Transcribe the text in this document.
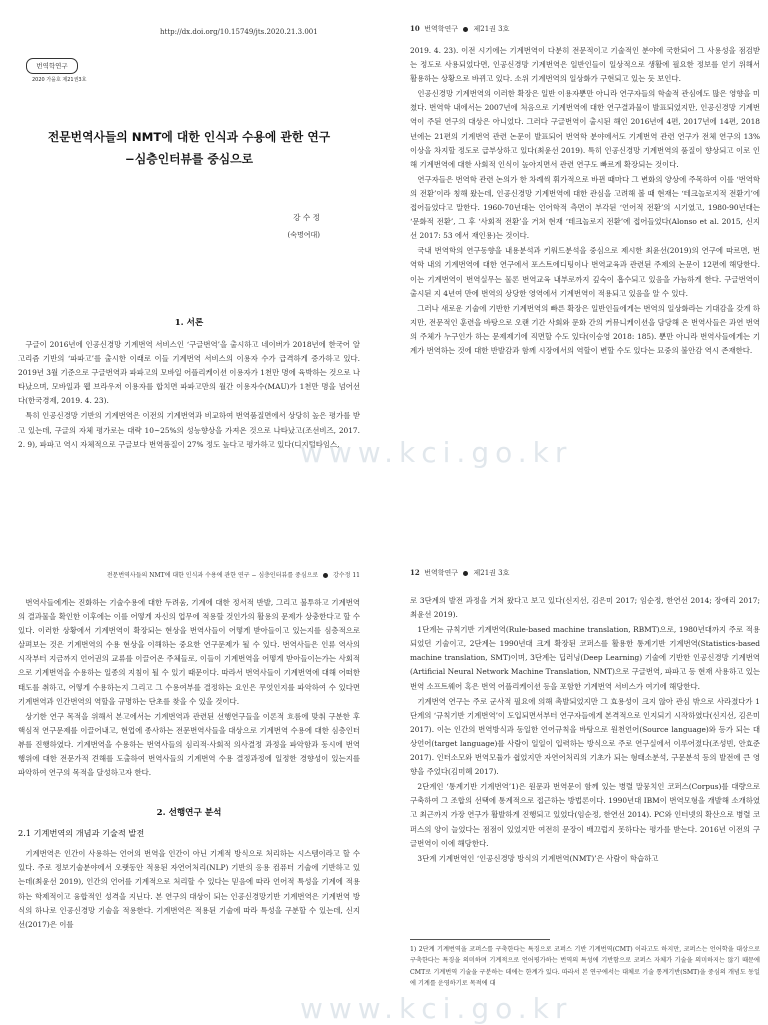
http://dx.doi.org/10.15749/jts.2020.21.3.001
번역학연구
2020 가을호 제21권3호
전문번역사들의 NMT에 대한 인식과 수용에 관한 연구
−심층인터뷰를 중심으로
강 수 정
(숙명여대)
1. 서론

구글이 2016년에 인공신경망 기계번역 서비스인 ‘구글번역’을 출시하고 네이버가 2018년에 한국어 알고리즘 기반의 ‘파파고’를 출시한 이래로 이들 기계번역 서비스의 이용자 수가 급격하게 증가하고 있다. 2019년 3월 기준으로 구글번역과 파파고의 모바일 어플리케이션 이용자가 1천만 명에 육박하는 것으로 나타났으며, 모바일과 웹 브라우저 이용자를 합치면 파파고만의 월간 이용자수(MAU)가 1천만 명을 넘어선다(한국경제, 2019. 4. 23).

특히 인공신경망 기반의 기계번역은 이전의 기계번역과 비교하여 번역품질면에서 상당히 높은 평가를 받고 있는데, 구글의 자체 평가로는 대략 10~25%의 성능향상을 가져온 것으로 나타났고(조선비즈, 2017. 2. 9), 파파고 역시 자체적으로 구글보다 번역품질이 27% 정도 높다고 평가하고 있다(디지털타임스,

10 번역학연구 제21권 3호

2019. 4. 23). 이전 시기에는 기계번역이 다분히 전문적이고 기술적인 분야에 국한되어 그 사용성을 점검받는 정도로 사용되었다면, 인공신경망 기계번역은 일반인들이 일상적으로 생활에 필요한 정보를 얻기 위해서 활용하는 상황으로 바뀌고 있다. 소위 기계번역의 일상화가 구현되고 있는 듯 보인다.

인공신경망 기계번역의 이러한 확장은 일반 이용자뿐만 아니라 연구자들의 학술적 관심에도 많은 영향을 미쳤다. 번역학 내에서는 2007년에 처음으로 기계번역에 대한 연구결과물이 발표되었지만, 인공신경망 기계번역이 주된 연구의 대상은 아니었다. 그러다 구글번역이 출시된 해인 2016년에 4편, 2017년에 14편, 2018년에는 21편의 기계번역 관련 논문이 발표되어 번역학 분야에서도 기계번역 관련 연구가 전체 연구의 13% 이상을 차지할 정도로 급부상하고 있다(최윤선 2019). 특히 인공신경망 기계번역의 품질이 향상되고 이로 인해 기계번역에 대한 사회적 인식이 높아지면서 관련 연구도 빠르게 확장되는 것이다.

연구자들은 번역학 관련 논의가 한 차례씩 휘가적으로 바뀐 때마다 그 변화의 양상에 주목하여 이를 ‘번역학의 전환’이라 칭해 왔는데, 인공신경망 기계번역에 대한 관심을 고려해 볼 때 현재는 ‘테크놀로지적 전환기’에 접어들었다고 말한다. 1960-70년대는 언어학적 측면이 부각된 ‘언어적 전환’의 시기였고, 1980-90년대는 ‘문화적 전환’, 그 후 ‘사회적 전환’을 거쳐 현재 ‘테크놀로지 전환’에 접어들었다(Alonso et al. 2015, 신지선 2017: 53 에서 재인용)는 것이다.

국내 번역학의 연구동향을 내용분석과 키워드분석을 중심으로 제시한 최윤선(2019)의 연구에 따르면, 번역학 내의 기계번역에 대한 연구에서 포스트에디팅이나 번역교육과 관련된 주제의 논문이 12편에 해당한다. 이는 기계번역이 번역실무는 물론 번역교육 내부로까지 깊숙이 흡수되고 있음을 가늠하게 한다. 구글번역이 출시된 지 4년여 만에 번역의 상당한 영역에서 기계번역이 적용되고 있음을 알 수 있다.

그러나 새로운 기술에 기반한 기계번역의 빠른 확장은 일반인들에게는 번역의 일상화라는 기대감을 갖게 하지만, 전문적인 훈련을 바탕으로 오랜 기간 사회와 문화 간의 커뮤니케이션을 담당해 온 번역사들은 과연 번역의 주체가 누구인가 하는 문제제기에 직면할 수도 있다(이승영 2018: 185). 뿐만 아니라 번역사들에게는 기계가 번역하는 것에 대한 반발감과 함께 시장에서의 역할이 변할 수도 있다는 묘중의 불안감 역시 존재한다.

전문번역사들의 NMT에 대한 인식과 수용에 관한 연구 − 심층인터뷰를 중심으로 강수정 11

번역사들에게는 진화하는 기술수용에 대한 두려움, 기계에 대한 정서적 반발, 그리고 불투하고 기계번역의 결과물을 확인한 이후에는 이를 어떻게 자신의 업무에 적용할 것인가의 활용의 문제가 상충한다고 할 수 있다. 이러한 상황에서 기계번역이 확장되는 현상을 번역사들이 어떻게 받아들이고 있는지를 심층적으로 살펴보는 것은 기계번역의 수용 현상을 이해하는 중요한 연구문제가 될 수 있다. 번역사들은 인류 역사의 시작부터 지금까지 언어권의 교류를 이끌어온 주체들로, 이들이 기계번역을 어떻게 받아들이는가는 사회적으로 기계번역을 수용하는 일종의 지침이 될 수 있기 때문이다. 따라서 번역사들이 기계번역에 대해 어떠한 태도를 취하고, 어떻게 수용하는지 그리고 그 수용여부를 결정하는 요인은 무엇인지를 파악하여 수 있다면 기계번역과 인간번역의 역할을 규명하는 단초를 찾을 수 있을 것이다.

상기한 연구 목적을 위해서 본고에서는 기계번역과 관련된 선행연구들을 이론적 흐름에 맞춰 구분한 후 핵심적 연구문제를 이끌어내고, 현업에 종사하는 전문번역사들을 대상으로 기계번역 수용에 대한 심층인터뷰를 진행하였다. 기계번역을 수용하는 번역사들의 심리적·사회적 의사결정 과정을 파악함과 동시에 번역행위에 대한 전문가적 견해를 도출하여 번역사들의 기계번역 수용 결정과정에 일정한 경향성이 있는지를 파악하여 연구의 목적을 달성하고자 한다.

2. 선행연구 분석
2.1 기계번역의 개념과 기술적 발전

기계번역은 인간이 사용하는 언어의 번역을 인간이 아닌 기계적 방식으로 처리하는 시스템이라고 할 수 있다. 주로 정보기술분야에서 오랫동안 적용된 자연어처리(NLP) 기반의 응용 컴퓨터 기술에 기반하고 있는데(최윤선 2019), 인간의 언어를 기계적으로 처리할 수 있다는 믿음에 따라 언어적 특성을 기계에 적용하는 학제적이고 융합적인 성격을 지닌다. 본 연구의 대상이 되는 인공신경망기반 기계번역은 기계번역 방식의 하나로 인공신경망 기술을 적용한다. 기계번역은 적용된 기술에 따라 특성을 구분할 수 있는데, 신지선(2017)은 이를

12 번역학연구 제21권 3호

로 3단계의 발전 과정을 거쳐 왔다고 보고 있다(신지선, 김은미 2017; 임순정, 한연선 2014; 장애리 2017; 최윤선 2019).

1단계는 규칙기반 기계번역(Rule-based machine translation, RBMT)으로, 1980년대까지 주로 적용되었던 기술이고, 2단계는 1990년대 크게 확장된 코퍼스를 활용한 통계기반 기계번역(Statistics-based machine translation, SMT)이며, 3단계는 딥러닝(Deep Learning) 기술에 기반한 인공신경망 기계번역(Artificial Neural Network Machine Translation, NMT)으로 구글번역, 파파고 등 현재 사용하고 있는 번역 소프트웨어 혹은 번역 어플리케이션 등을 포함한 기계번역 서비스가 여기에 해당한다.

기계번역 연구는 주로 군사적 필요에 의해 촉발되었지만 그 효용성이 크지 않아 관심 밖으로 사라졌다가 1단계의 ‘규칙기반 기계번역’이 도입되면서부터 연구자들에게 본격적으로 인지되기 시작하였다(신지선, 김은미 2017). 이는 인간의 번역방식과 동일한 언어규칙을 바탕으로 원천언어(Source language)와 등가 되는 대상언어(target language)를 사람이 일일이 입력하는 방식으로 주로 연구실에서 이루어졌다(조성빈, 안효준 2017). 인터소모와 번역모듈가 쉽었지만 자연어처리의 기초가 되는 형태소분석, 구문분석 등의 발전에 큰 영향을 주었다(김미혜 2017).

2단계인 ‘통계기반 기계번역’1)은 원문과 번역문이 함께 있는 병렬 말뭉치인 코퍼스(Corpus)를 대량으로 구축하여 그 조합의 선택에 통계적으로 접근하는 방법론이다. 1990년대 IBM이 번역모형을 개발해 소개하였고 최근까지 가장 연구가 활발하게 진행되고 있었다(임순정, 한연선 2014). PC와 인터넷의 확산으로 병렬 코퍼스의 양이 늘었다는 점점이 있었지만 여전히 문장이 배끄럽지 못하다는 평가를 받는다. 2016년 이전의 구글번역이 이에 해당한다.

3단계 기계번역인 ‘인공신경망 방식의 기계번역(NMT)’은 사람이 학습하고

1) 2단계 기계번역을 코퍼스를 구축한다는 특징으로 코퍼스 기반 기계번역(CMT) 이라고도 하지만, 코퍼스는 언어학을 대상으로 구축한다는 특징을 의미하며 기계적으로 언어평가하는 번역의 특성에 기반함으로 코퍼스 자체가 기술을 의미하지는 않기 때문에 CMT로 기계번역 기술을 구분하는 데에는 한계가 있다. 따라서 본 연구에서는 대체로 기술 통계기반(SMT)을 중심의 개념도 동일에 기계를 운영하기로 목적에 대
www.kci.go.kr
www.kci.go.kr
